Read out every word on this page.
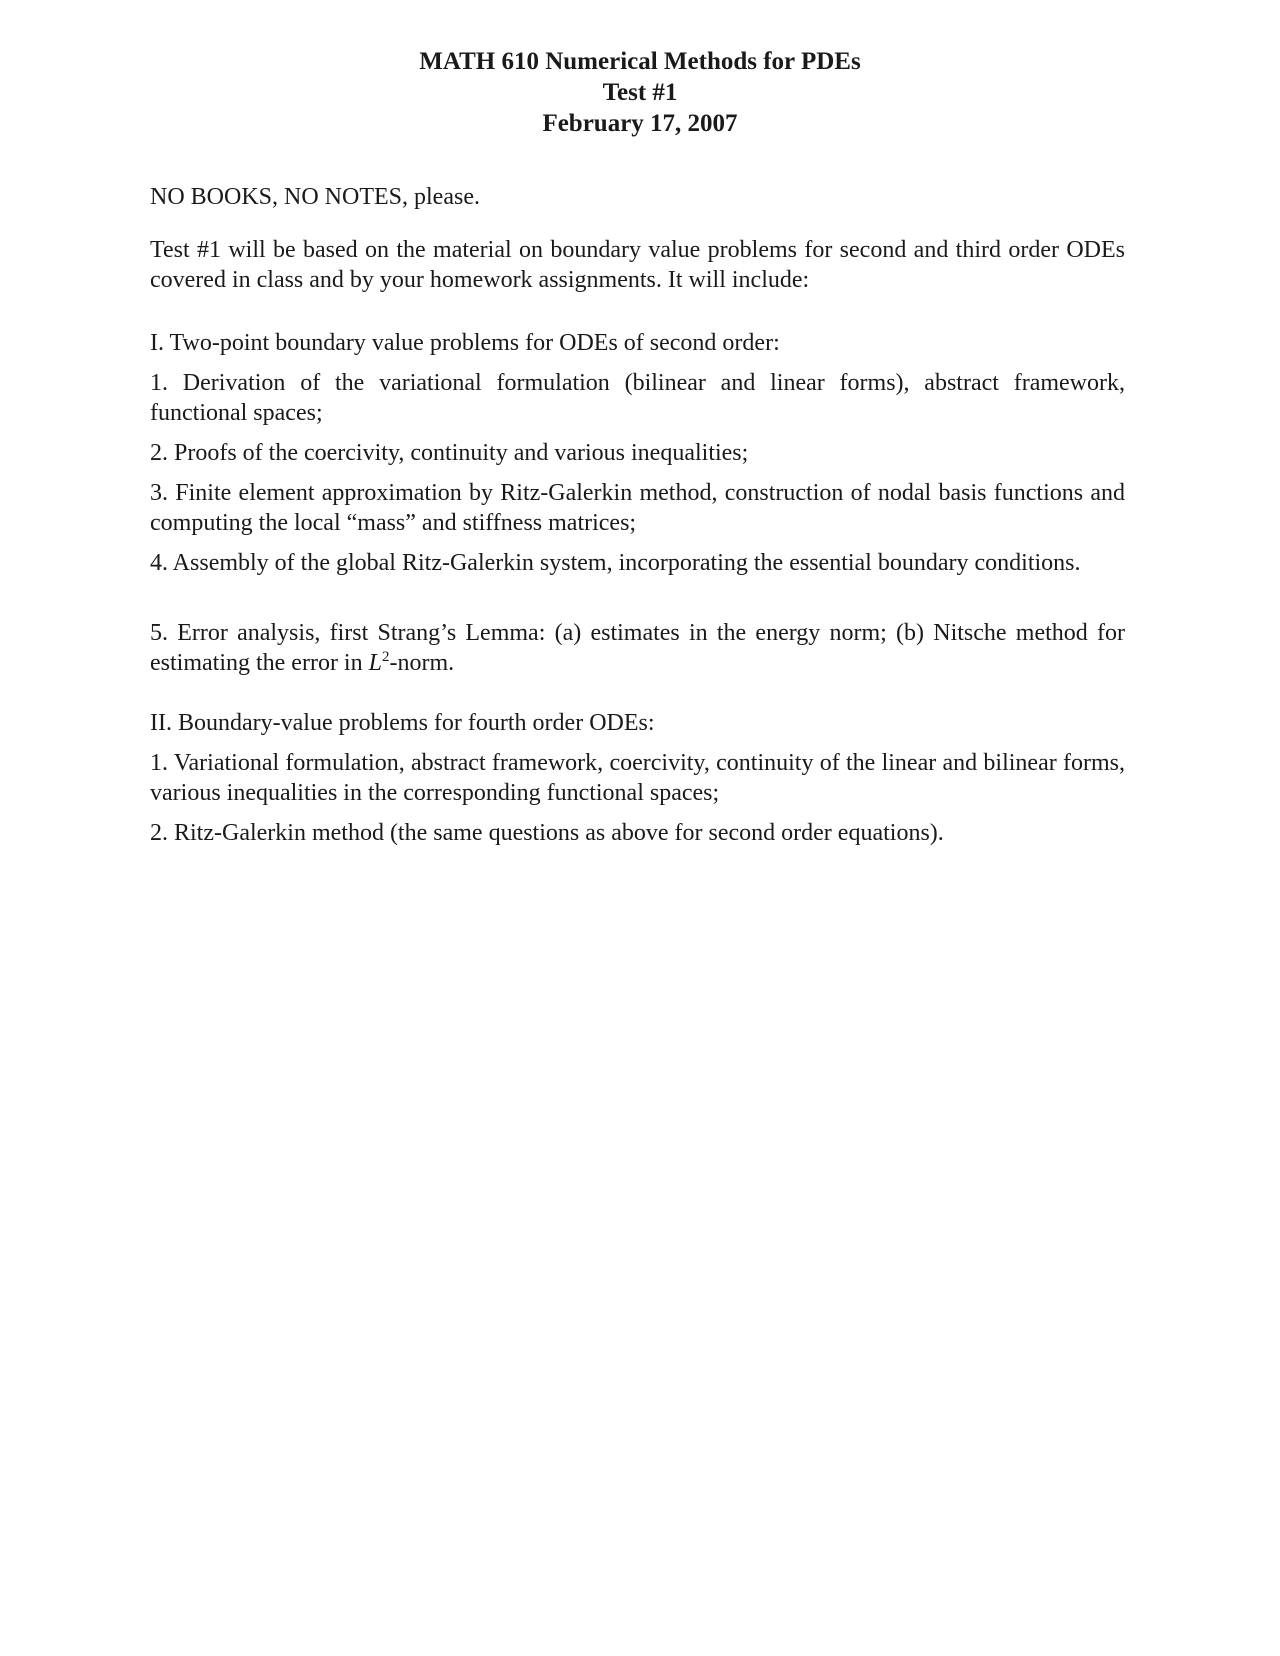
MATH 610 Numerical Methods for PDEs
Test #1
February 17, 2007

NO BOOKS, NO NOTES, please.

Test #1 will be based on the material on boundary value problems for second and third order ODEs covered in class and by your homework assignments. It will include:

I. Two-point boundary value problems for ODEs of second order:

1. Derivation of the variational formulation (bilinear and linear forms), abstract framework, functional spaces;

2. Proofs of the coercivity, continuity and various inequalities;

3. Finite element approximation by Ritz-Galerkin method, construction of nodal basis functions and computing the local “mass” and stiffness matrices;

4. Assembly of the global Ritz-Galerkin system, incorporating the essential boundary conditions.

5. Error analysis, first Strang’s Lemma: (a) estimates in the energy norm; (b) Nitsche method for estimating the error in $L^2$-norm.

II. Boundary-value problems for fourth order ODEs:

1. Variational formulation, abstract framework, coercivity, continuity of the linear and bilinear forms, various inequalities in the corresponding functional spaces;

2. Ritz-Galerkin method (the same questions as above for second order equations).
